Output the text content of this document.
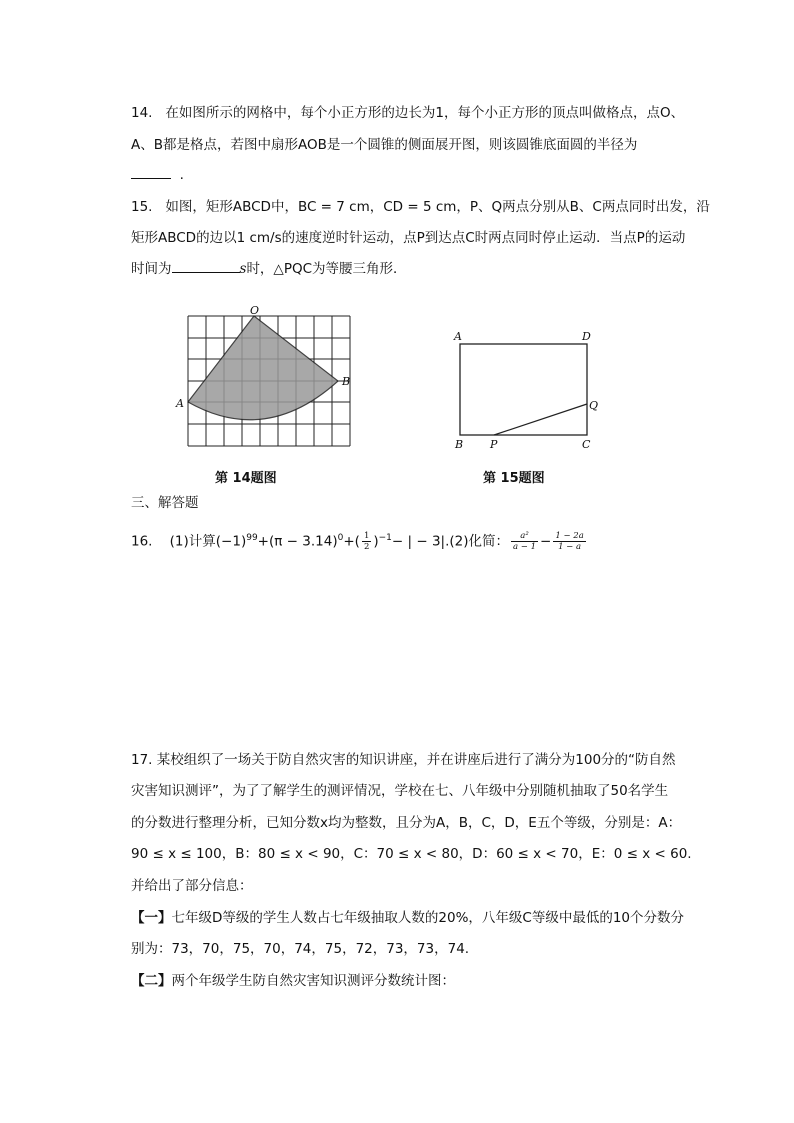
14. 在如图所示的网格中，每个小正方形的边长为1，每个小正方形的顶点叫做格点，点O、
A、B都是格点，若图中扇形AOB是一个圆锥的侧面展开图，则该圆锥底面圆的半径为
.
15. 如图，矩形ABCD中，BC = 7 cm，CD = 5 cm，P、Q两点分别从B、C两点同时出发，沿
矩形ABCD的边以1 cm/s的速度逆时针运动，点P到达点C时两点同时停止运动．当点P的运动
时间为	s时，△PQC为等腰三角形．
O
A
B
第 14题图
A	D
B P	C
Q
第 15题图
三、解答题
16. (1)计算$(-1)^{99}+(\pi - 3.14)^0+( \frac{1}{2} )^{-1}-$ | − 3|.(2)化简： $\frac{\text{a²}}{a - 1} - \frac{1 - 2a}{1 - a}$
17. 某校组织了一场关于防自然灾害的知识讲座，并在讲座后进行了满分为100分的“防自然
灾害知识测评”，为了了解学生的测评情况，学校在七、八年级中分别随机抽取了50名学生
的分数进行整理分析，已知分数x均为整数，且分为A，B，C，D，E五个等级，分别是：A：
90 ≤ x ≤ 100，B：80 ≤ x < 90，C：70 ≤ x < 80，D：60 ≤ x < 70，E：0 ≤ x < 60.
并给出了部分信息：
【一】七年级D等级的学生人数占七年级抽取人数的20%，八年级C等级中最低的10个分数分
别为：73，70，75，70，74，75，72，73，73，74.
【二】两个年级学生防自然灾害知识测评分数统计图：
